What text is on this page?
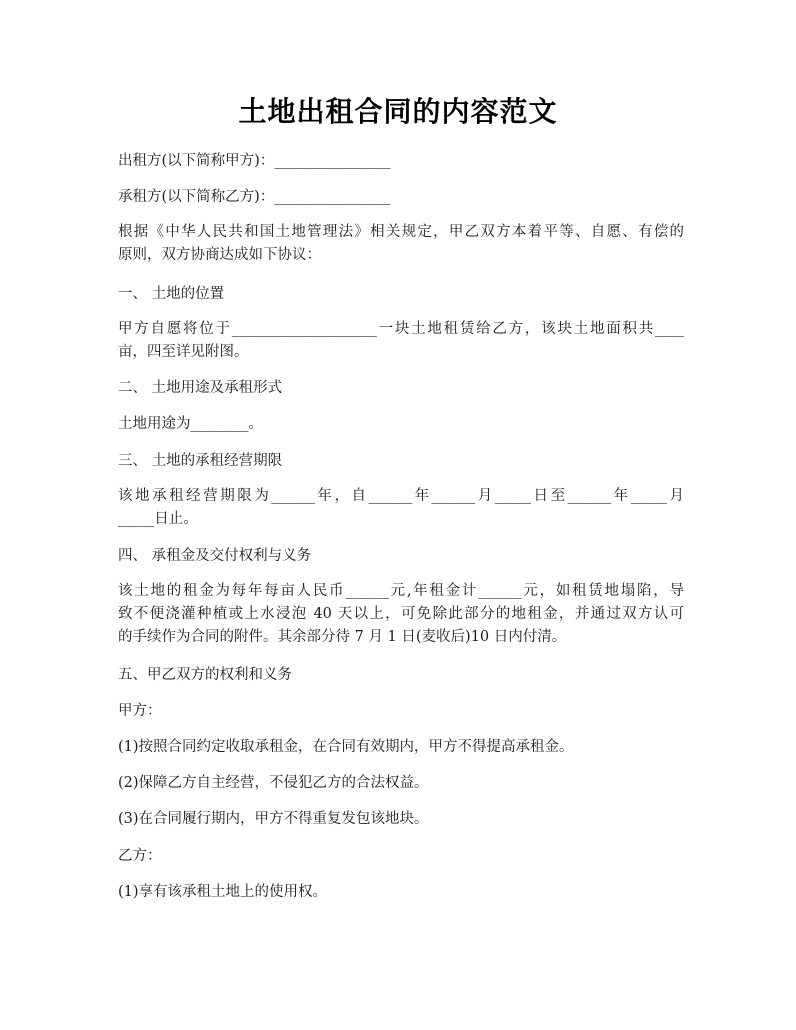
土地出租合同的内容范文
出租方(以下简称甲方)：________________
承租方(以下简称乙方)：________________
根据《中华人民共和国土地管理法》相关规定，甲乙双方本着平等、自愿、有偿的
原则，双方协商达成如下协议：
一、 土地的位置
甲方自愿将位于____________________一块土地租赁给乙方，该块土地面积共____
亩，四至详见附图。
二、 土地用途及承租形式
土地用途为________。
三、 土地的承租经营期限
该地承租经营期限为______年，自______年______月_____日至______年_____月
_____日止。
四、 承租金及交付权利与义务
该土地的租金为每年每亩人民币______元,年租金计______元，如租赁地塌陷，导
致不便浇灌种植或上水浸泡 40 天以上，可免除此部分的地租金，并通过双方认可
的手续作为合同的附件。其余部分待 7 月 1 日(麦收后)10 日内付清。
五、甲乙双方的权利和义务
甲方：
(1)按照合同约定收取承租金，在合同有效期内，甲方不得提高承租金。
(2)保障乙方自主经营，不侵犯乙方的合法权益。
(3)在合同履行期内，甲方不得重复发包该地块。
乙方：
(1)享有该承租土地上的使用权。
